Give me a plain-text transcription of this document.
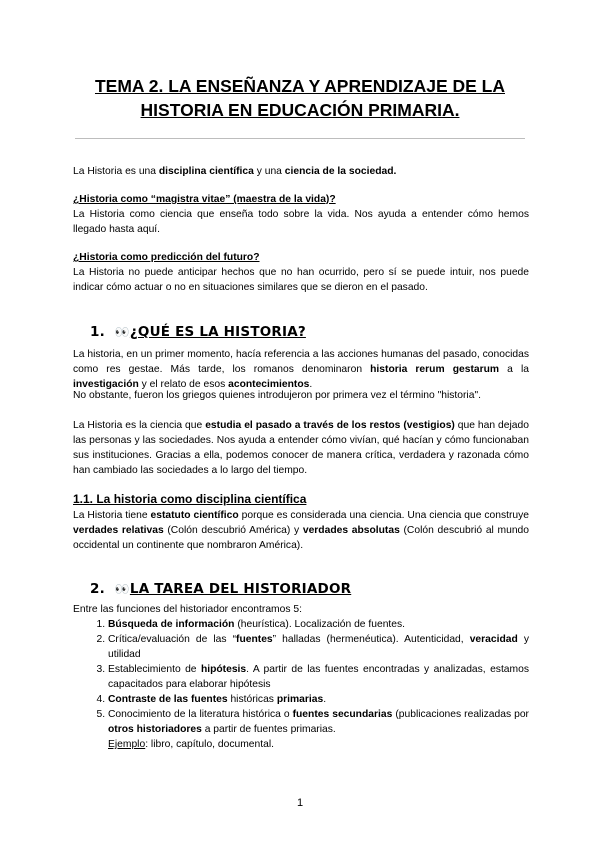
TEMA 2. LA ENSEÑANZA Y APRENDIZAJE DE LA HISTORIA EN EDUCACIÓN PRIMARIA.
La Historia es una disciplina científica y una ciencia de la sociedad.
¿Historia como “magistra vitae” (maestra de la vida)?
La Historia como ciencia que enseña todo sobre la vida. Nos ayuda a entender cómo hemos llegado hasta aquí.
¿Historia como predicción del futuro?
La Historia no puede anticipar hechos que no han ocurrido, pero sí se puede intuir, nos puede indicar cómo actuar o no en situaciones similares que se dieron en el pasado.
1. 👀¿QUÉ ES LA HISTORIA?
La historia, en un primer momento, hacía referencia a las acciones humanas del pasado, conocidas como res gestae. Más tarde, los romanos denominaron historia rerum gestarum a la investigación y el relato de esos acontecimientos.
No obstante, fueron los griegos quienes introdujeron por primera vez el término "historia".
La Historia es la ciencia que estudia el pasado a través de los restos (vestigios) que han dejado las personas y las sociedades. Nos ayuda a entender cómo vivían, qué hacían y cómo funcionaban sus instituciones. Gracias a ella, podemos conocer de manera crítica, verdadera y razonada cómo han cambiado las sociedades a lo largo del tiempo.
1.1. La historia como disciplina científica
La Historia tiene estatuto científico porque es considerada una ciencia. Una ciencia que construye verdades relativas (Colón descubrió América) y verdades absolutas (Colón descubrió al mundo occidental un continente que nombraron América).
2. 👀LA TAREA DEL HISTORIADOR
Entre las funciones del historiador encontramos 5:
1. Búsqueda de información (heurística). Localización de fuentes.
2. Crítica/evaluación de las “fuentes” halladas (hermenéutica). Autenticidad, veracidad y utilidad
3. Establecimiento de hipótesis. A partir de las fuentes encontradas y analizadas, estamos capacitados para elaborar hipótesis
4. Contraste de las fuentes históricas primarias.
5. Conocimiento de la literatura histórica o fuentes secundarias (publicaciones realizadas por otros historiadores a partir de fuentes primarias.
Ejemplo: libro, capítulo, documental.
1
